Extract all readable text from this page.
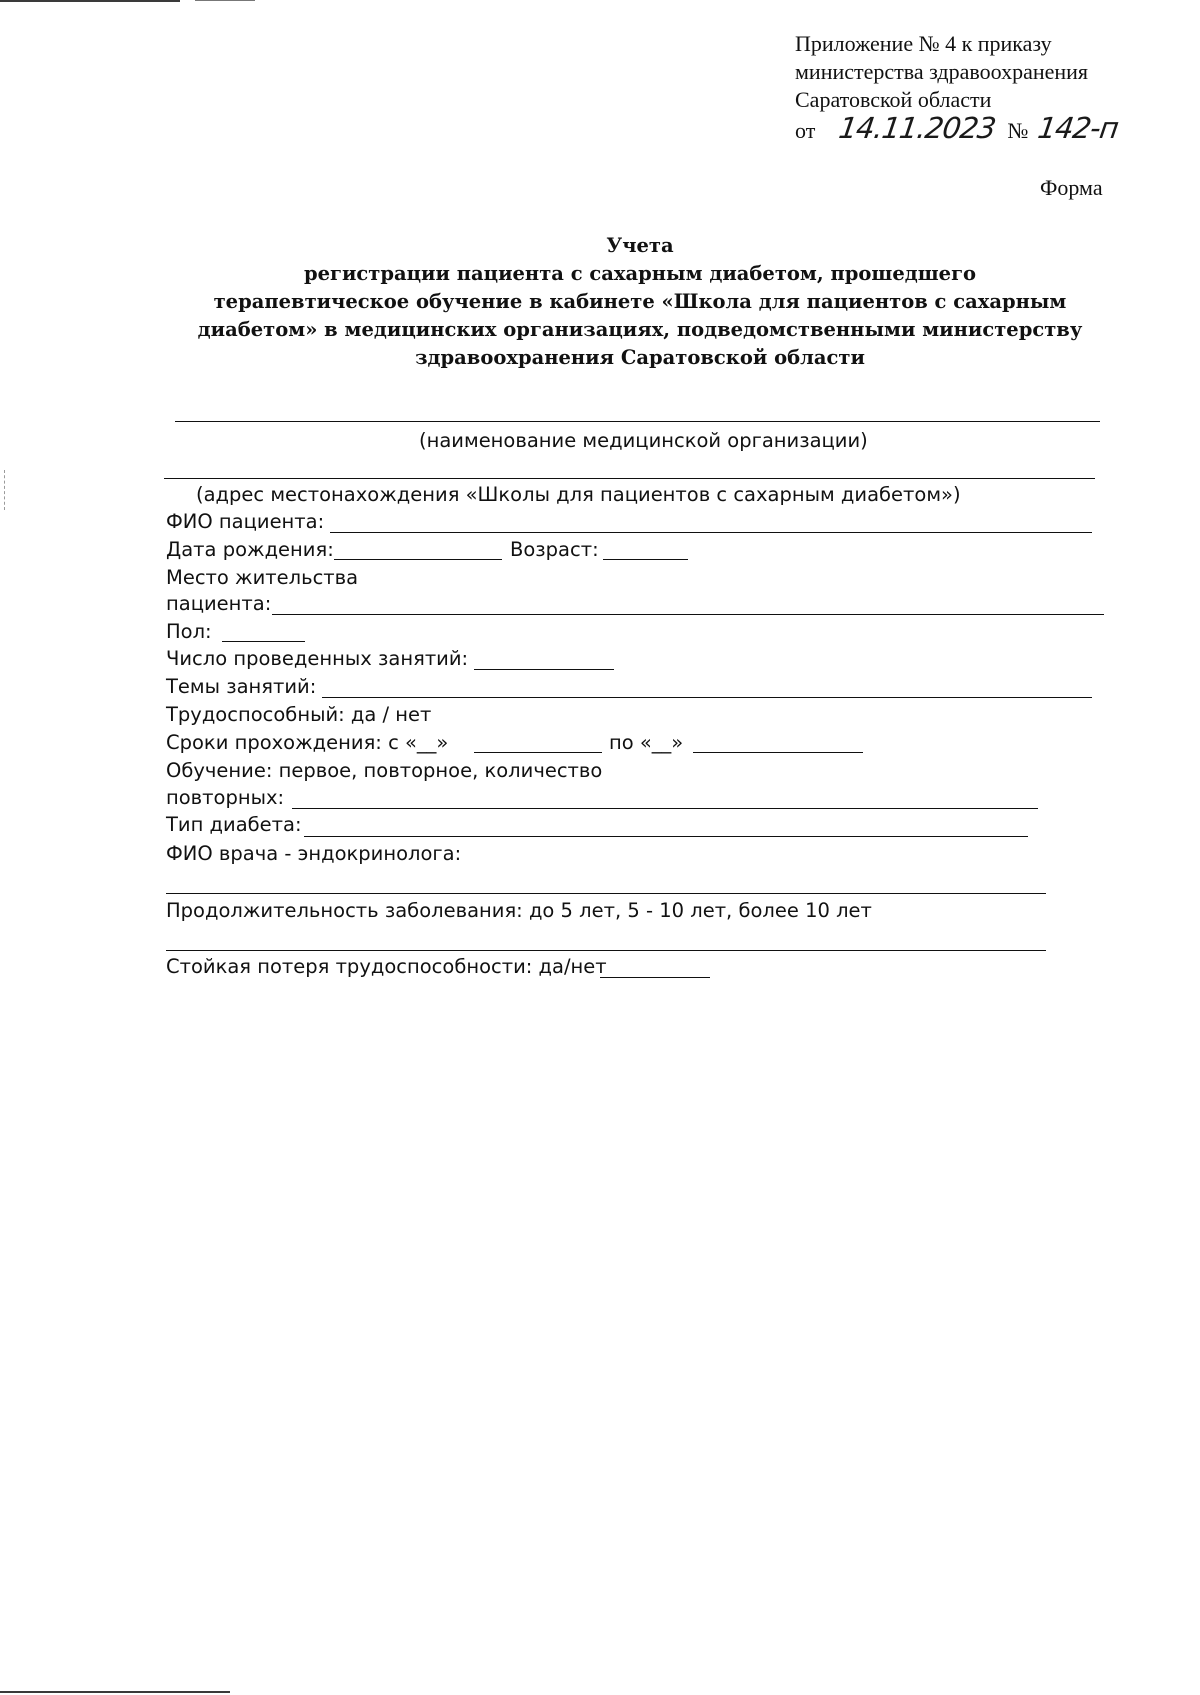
Приложение № 4 к приказу
министерства здравоохранения
Саратовской области
от 14.11.2023 № 142-п
Форма
Учета
регистрации пациента с сахарным диабетом, прошедшего
терапевтическое обучение в кабинете «Школа для пациентов с сахарным
диабетом» в медицинских организациях, подведомственными министерству
здравоохранения Саратовской области
(наименование медицинской организации)
(адрес местонахождения «Школы для пациентов с сахарным диабетом»)
ФИО пациента:
Дата рождения:	Возраст:
Место жительства
пациента:
Пол:
Число проведенных занятий:
Темы занятий:
Трудоспособный: да / нет
Сроки прохождения: с «__»	по «__»
Обучение: первое, повторное, количество
повторных:
Тип диабета:
ФИО врача - эндокринолога:
Продолжительность заболевания: до 5 лет, 5 - 10 лет, более 10 лет
Стойкая потеря трудоспособности: да/нет
